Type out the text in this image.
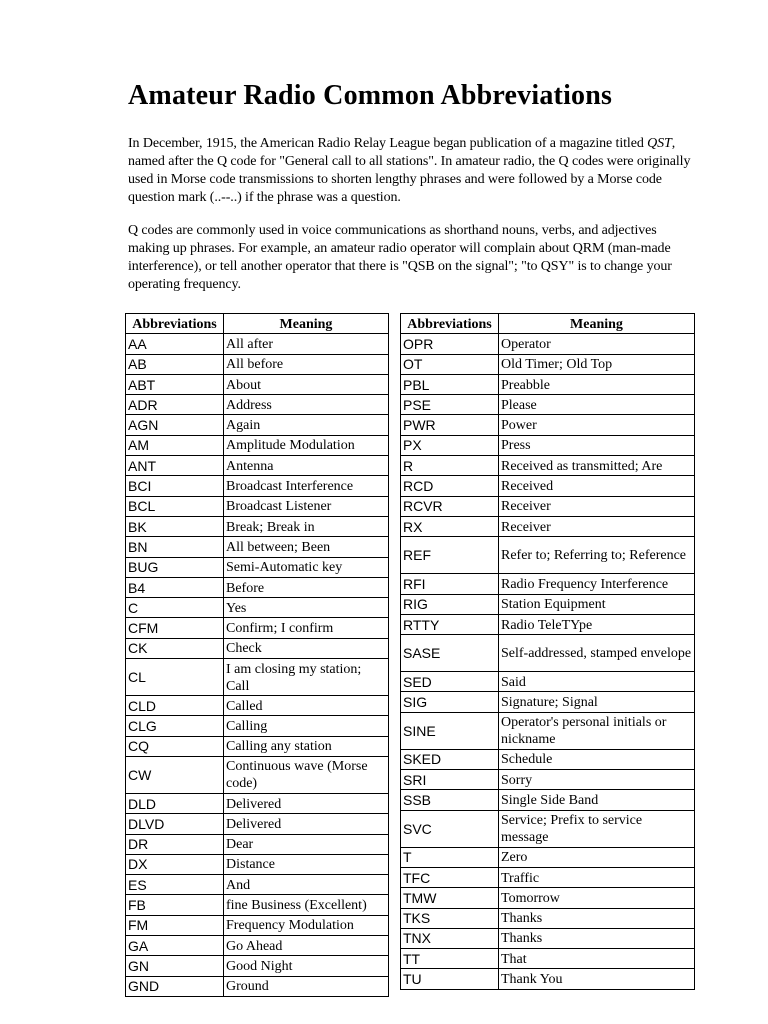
Amateur Radio Common Abbreviations

In December, 1915, the American Radio Relay League began publication of a magazine titled QST, named after the Q code for "General call to all stations". In amateur radio, the Q codes were originally used in Morse code transmissions to shorten lengthy phrases and were followed by a Morse code question mark (..--..) if the phrase was a question.

Q codes are commonly used in voice communications as shorthand nouns, verbs, and adjectives making up phrases. For example, an amateur radio operator will complain about QRM (man-made interference), or tell another operator that there is "QSB on the signal"; "to QSY" is to change your operating frequency.

Abbreviations	Meaning
AA	All after
AB	All before
ABT	About
ADR	Address
AGN	Again
AM	Amplitude Modulation
ANT	Antenna
BCI	Broadcast Interference
BCL	Broadcast Listener
BK	Break; Break in
BN	All between; Been
BUG	Semi-Automatic key
B4	Before
C	Yes
CFM	Confirm; I confirm
CK	Check
CL	I am closing my station; Call
CLD	Called
CLG	Calling
CQ	Calling any station
CW	Continuous wave (Morse code)
DLD	Delivered
DLVD	Delivered
DR	Dear
DX	Distance
ES	And
FB	fine Business (Excellent)
FM	Frequency Modulation
GA	Go Ahead
GN	Good Night
GND	Ground
Abbreviations	Meaning
OPR	Operator
OT	Old Timer; Old Top
PBL	Preabble
PSE	Please
PWR	Power
PX	Press
R	Received as transmitted; Are
RCD	Received
RCVR	Receiver
RX	Receiver
REF	Refer to; Referring to; Reference
RFI	Radio Frequency Interference
RIG	Station Equipment
RTTY	Radio TeleTYpe
SASE	Self-addressed, stamped envelope
SED	Said
SIG	Signature; Signal
SINE	Operator's personal initials or nickname
SKED	Schedule
SRI	Sorry
SSB	Single Side Band
SVC	Service; Prefix to service message
T	Zero
TFC	Traffic
TMW	Tomorrow
TKS	Thanks
TNX	Thanks
TT	That
TU	Thank You
